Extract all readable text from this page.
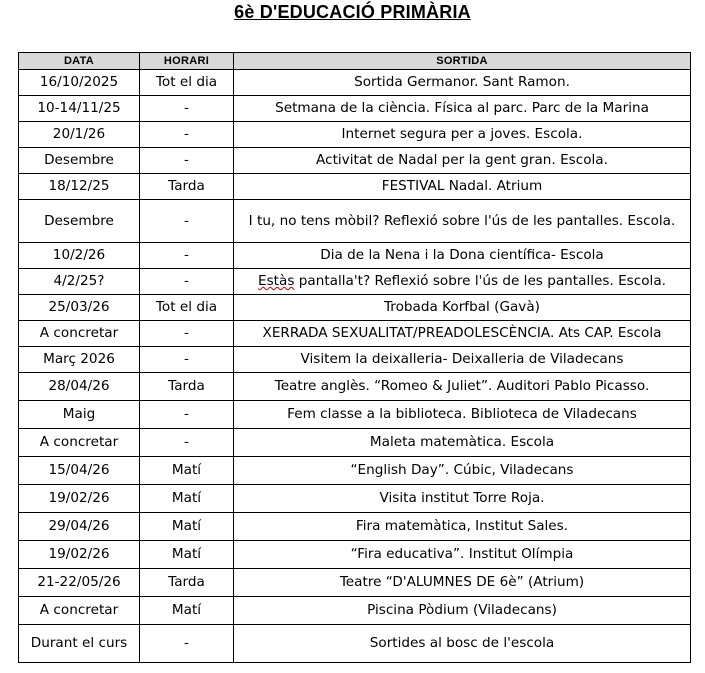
6è D'EDUCACIÓ PRIMÀRIA
DATA	HORARI	SORTIDA
16/10/2025	Tot el dia	Sortida Germanor. Sant Ramon.
10-14/11/25	-	Setmana de la ciència. Física al parc. Parc de la Marina
20/1/26	-	Internet segura per a joves. Escola.
Desembre	-	Activitat de Nadal per la gent gran. Escola.
18/12/25	Tarda	FESTIVAL Nadal. Atrium
Desembre	-	I tu, no tens mòbil? Reflexió sobre l'ús de les pantalles. Escola.
10/2/26	-	Dia de la Nena i la Dona científica- Escola
4/2/25?	-	Estàs pantalla't? Reflexió sobre l'ús de les pantalles. Escola.
25/03/26	Tot el dia	Trobada Korfbal (Gavà)
A concretar	-	XERRADA SEXUALITAT/PREADOLESCÈNCIA. Ats CAP. Escola
Març 2026	-	Visitem la deixalleria- Deixalleria de Viladecans
28/04/26	Tarda	Teatre anglès. “Romeo & Juliet”. Auditori Pablo Picasso.
Maig	-	Fem classe a la biblioteca. Biblioteca de Viladecans
A concretar	-	Maleta matemàtica. Escola
15/04/26	Matí	“English Day”. Cúbic, Viladecans
19/02/26	Matí	Visita institut Torre Roja.
29/04/26	Matí	Fira matemàtica, Institut Sales.
19/02/26	Matí	“Fira educativa”. Institut Olímpia
21-22/05/26	Tarda	Teatre “D'ALUMNES DE 6è” (Atrium)
A concretar	Matí	Piscina Pòdium (Viladecans)
Durant el curs	-	Sortides al bosc de l'escola
